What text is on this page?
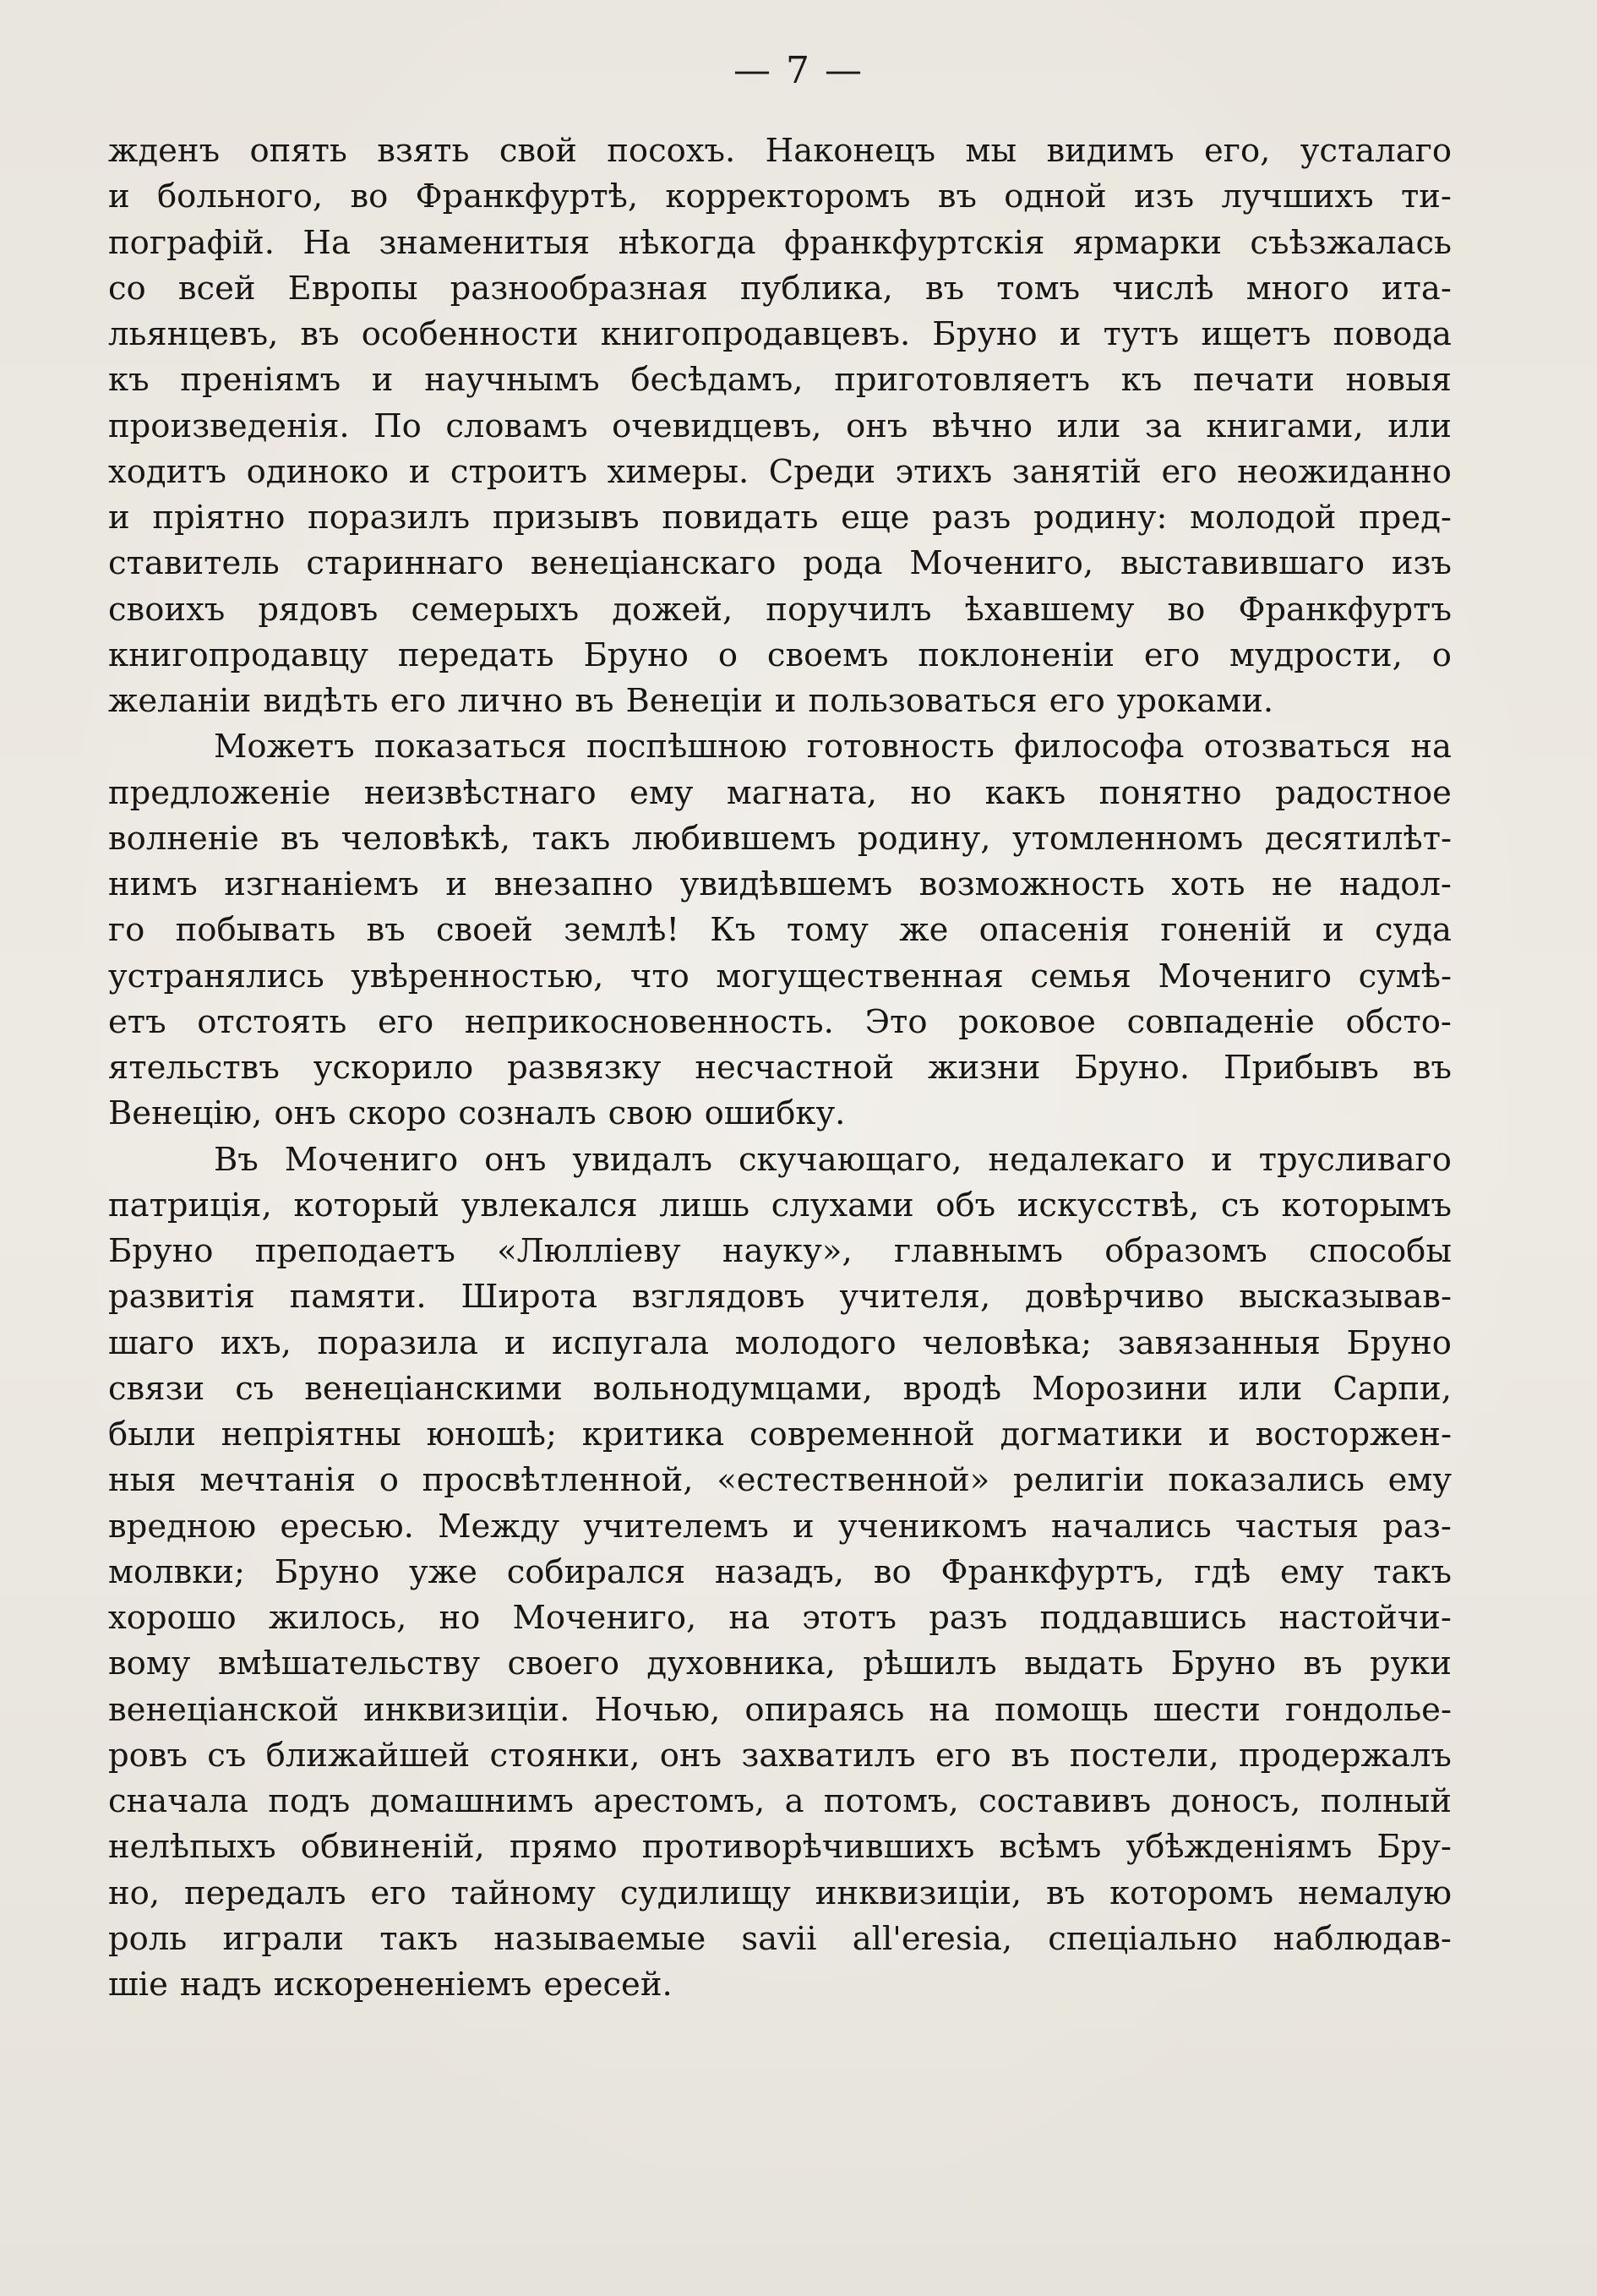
— 7 —
жденъ опять взять свой посохъ. Наконецъ мы видимъ его, усталаго
и больного, во Франкфуртѣ, корректоромъ въ одной изъ лучшихъ ти-
пографій. На знаменитыя нѣкогда франкфуртскія ярмарки съѣзжалась
со всей Европы разнообразная публика, въ томъ числѣ много ита-
льянцевъ, въ особенности книгопродавцевъ. Бруно и тутъ ищетъ повода
къ преніямъ и научнымъ бесѣдамъ, приготовляетъ къ печати новыя
произведенія. По словамъ очевидцевъ, онъ вѣчно или за книгами, или
ходитъ одиноко и строитъ химеры. Среди этихъ занятій его неожиданно
и пріятно поразилъ призывъ повидать еще разъ родину: молодой пред-
ставитель стариннаго венеціанскаго рода Мочениго, выставившаго изъ
своихъ рядовъ семерыхъ дожей, поручилъ ѣхавшему во Франкфуртъ
книгопродавцу передать Бруно о своемъ поклоненіи его мудрости, о
желаніи видѣть его лично въ Венеціи и пользоваться его уроками.
Можетъ показаться поспѣшною готовность философа отозваться на
предложеніе неизвѣстнаго ему магната, но какъ понятно радостное
волненіе въ человѣкѣ, такъ любившемъ родину, утомленномъ десятилѣт-
нимъ изгнаніемъ и внезапно увидѣвшемъ возможность хоть не надол-
го побывать въ своей землѣ! Къ тому же опасенія гоненій и суда
устранялись увѣренностью, что могущественная семья Мочениго сумѣ-
етъ отстоять его неприкосновенность. Это роковое совпаденіе обсто-
ятельствъ ускорило развязку несчастной жизни Бруно. Прибывъ въ
Венецію, онъ скоро созналъ свою ошибку.
Въ Мочениго онъ увидалъ скучающаго, недалекаго и трусливаго
патриція, который увлекался лишь слухами объ искусствѣ, съ которымъ
Бруно преподаетъ «Люлліеву науку», главнымъ образомъ способы
развитія памяти. Широта взглядовъ учителя, довѣрчиво высказывав-
шаго ихъ, поразила и испугала молодого человѣка; завязанныя Бруно
связи съ венеціанскими вольнодумцами, вродѣ Морозини или Сарпи,
были непріятны юношѣ; критика современной догматики и восторжен-
ныя мечтанія о просвѣтленной, «естественной» религіи показались ему
вредною ересью. Между учителемъ и ученикомъ начались частыя раз-
молвки; Бруно уже собирался назадъ, во Франкфуртъ, гдѣ ему такъ
хорошо жилось, но Мочениго, на этотъ разъ поддавшись настойчи-
вому вмѣшательству своего духовника, рѣшилъ выдать Бруно въ руки
венеціанской инквизиціи. Ночью, опираясь на помощь шести гондолье-
ровъ съ ближайшей стоянки, онъ захватилъ его въ постели, продержалъ
сначала подъ домашнимъ арестомъ, а потомъ, составивъ доносъ, полный
нелѣпыхъ обвиненій, прямо противорѣчившихъ всѣмъ убѣжденіямъ Бру-
но, передалъ его тайному судилищу инквизиціи, въ которомъ немалую
роль играли такъ называемые savii all'eresia, спеціально наблюдав-
шіе надъ искорененіемъ ересей.
